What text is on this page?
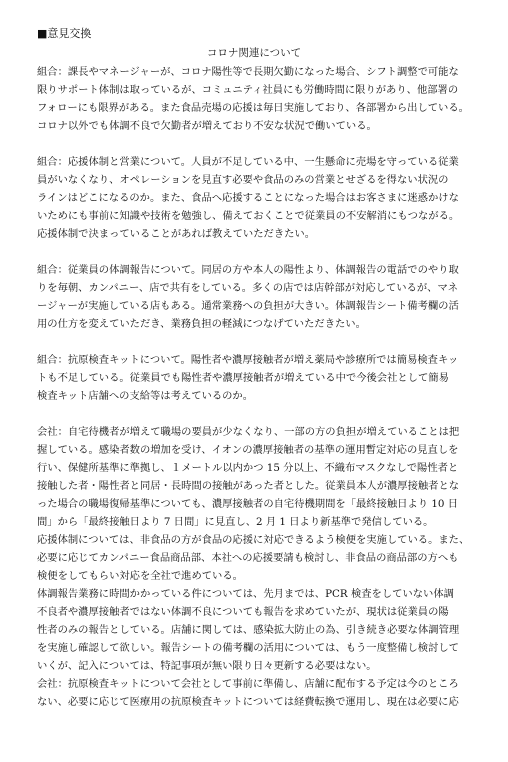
■意見交換
コロナ関連について
組合：課長やマネージャーが、コロナ陽性等で長期欠勤になった場合、シフト調整で可能な
限りサポート体制は取っているが、コミュニティ社員にも労働時間に限りがあり、他部署の
フォローにも限界がある。また食品売場の応援は毎日実施しており、各部署から出している。
コロナ以外でも体調不良で欠勤者が増えており不安な状況で働いている。
組合：応援体制と営業について。人員が不足している中、一生懸命に売場を守っている従業
員がいなくなり、オペレーションを見直す必要や食品のみの営業とせざるを得ない状況の
ラインはどこになるのか。また、食品へ応援することになった場合はお客さまに迷惑かけな
いためにも事前に知識や技術を勉強し、備えておくことで従業員の不安解消にもつながる。
応援体制で決まっていることがあれば教えていただきたい。
組合：従業員の体調報告について。同居の方や本人の陽性より、体調報告の電話でのやり取
りを毎朝、カンパニー、店で共有をしている。多くの店では店幹部が対応しているが、マネ
ージャーが実施している店もある。通常業務への負担が大きい。体調報告シート備考欄の活
用の仕方を変えていただき、業務負担の軽減につなげていただきたい。
組合：抗原検査キットについて。陽性者や濃厚接触者が増え薬局や診療所では簡易検査キッ
トも不足している。従業員でも陽性者や濃厚接触者が増えている中で今後会社として簡易
検査キット店舗への支給等は考えているのか。
会社：自宅待機者が増えて職場の要員が少なくなり、一部の方の負担が増えていることは把
握している。感染者数の増加を受け、イオンの濃厚接触者の基準の運用暫定対応の見直しを
行い、保健所基準に準拠し、１メートル以内かつ 15 分以上、不織布マスクなしで陽性者と
接触した者・陽性者と同居・長時間の接触があった者とした。従業員本人が濃厚接触者とな
った場合の職場復帰基準についても、濃厚接触者の自宅待機期間を「最終接触日より 10 日
間」から「最終接触日より 7 日間」に見直し、2 月 1 日より新基準で発信している。
応援体制については、非食品の方が食品の応援に対応できるよう検便を実施している。また、
必要に応じてカンパニー食品商品部、本社への応援要請も検討し、非食品の商品部の方へも
検便をしてもらい対応を全社で進めている。
体調報告業務に時間かかっている件については、先月までは、PCR 検査をしていない体調
不良者や濃厚接触者ではない体調不良についても報告を求めていたが、現状は従業員の陽
性者のみの報告としている。店舗に関しては、感染拡大防止の為、引き続き必要な体調管理
を実施し確認して欲しい。報告シートの備考欄の活用については、もう一度整備し検討して
いくが、記入については、特記事項が無い限り日々更新する必要はない。
会社：抗原検査キットについて会社として事前に準備し、店舗に配布する予定は今のところ
ない、必要に応じて医療用の抗原検査キットについては経費転換で運用し、現在は必要に応
